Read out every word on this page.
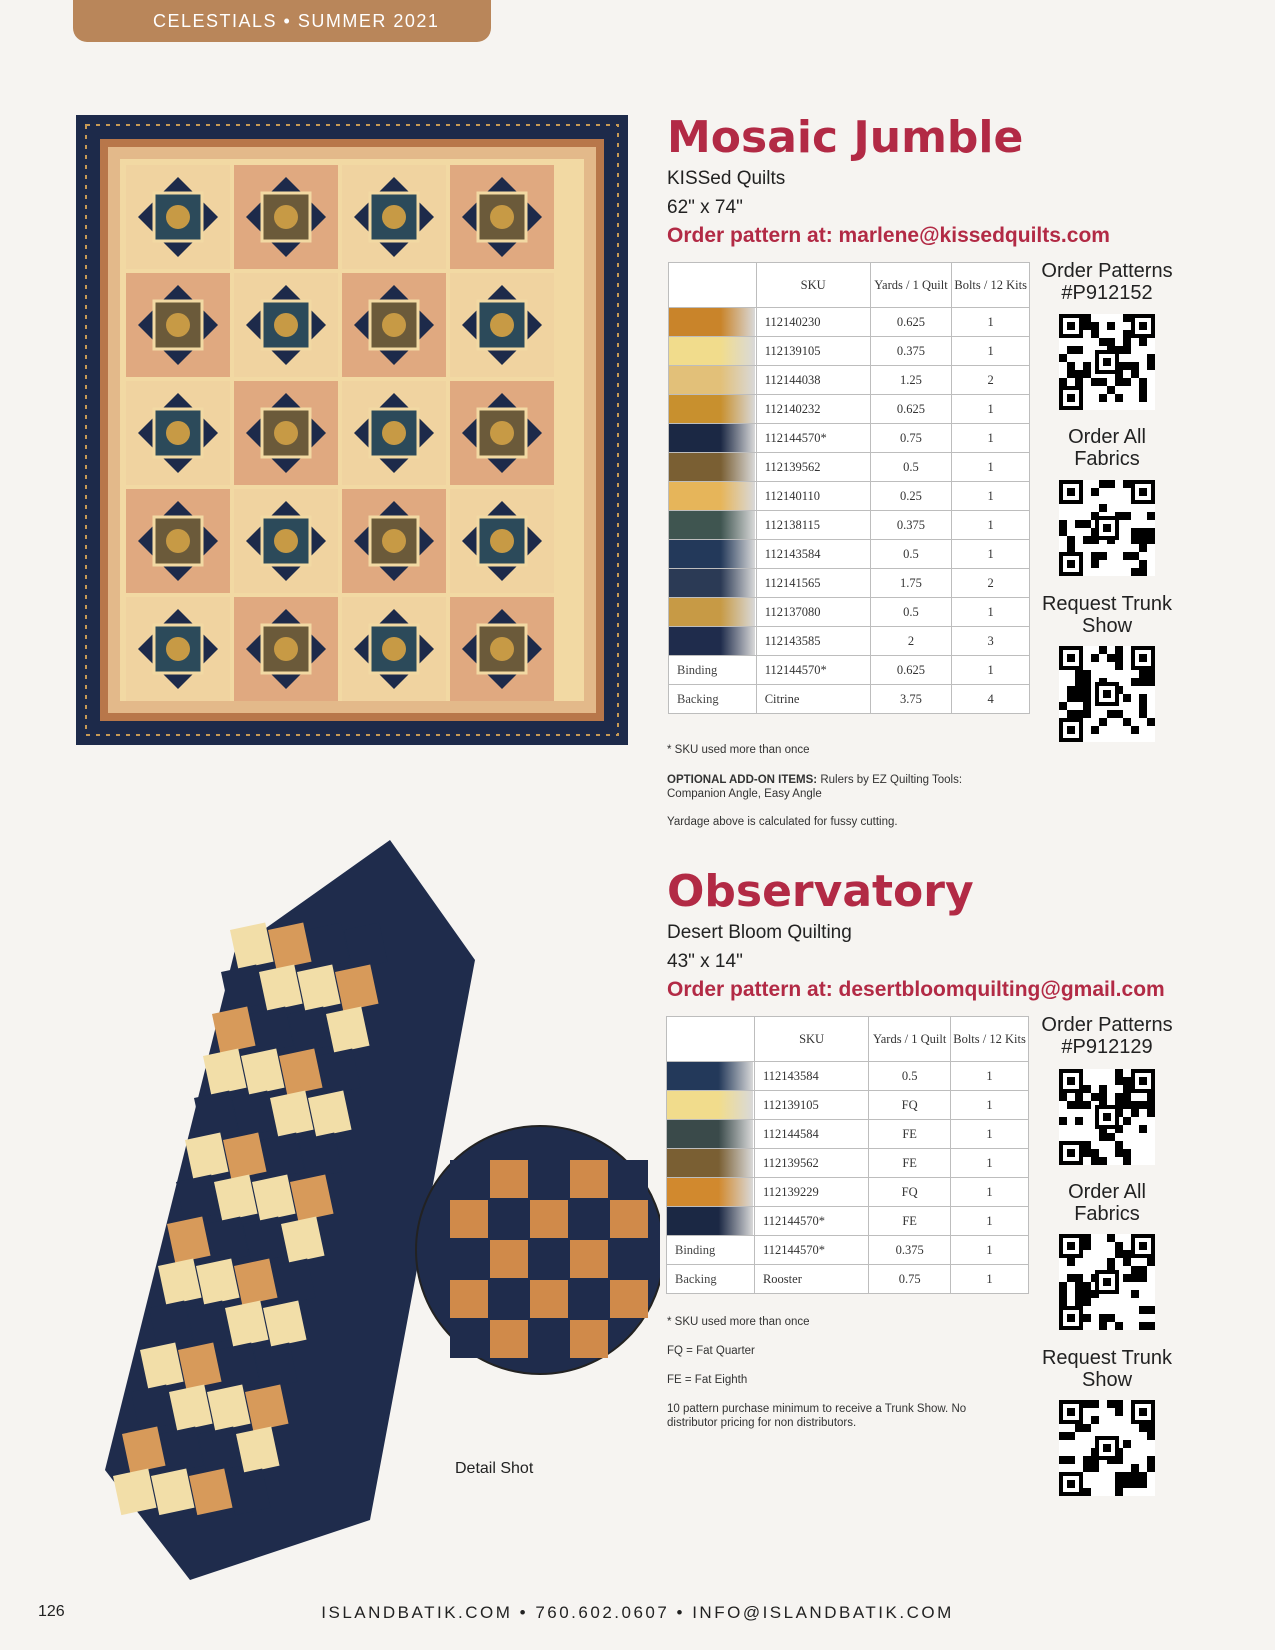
CELESTIALS • SUMMER 2021
Detail Shot
Mosaic Jumble
KISSed Quilts
62" x 74"
Order pattern at: marlene@kissedquilts.com
	SKU	Yards / 1 Quilt	Bolts / 12 Kits

	112140230	0.625	1

	112139105	0.375	1

	112144038	1.25	2

	112140232	0.625	1

	112144570*	0.75	1

	112139562	0.5	1

	112140110	0.25	1

	112138115	0.375	1

	112143584	0.5	1

	112141565	1.75	2

	112137080	0.5	1

	112143585	2	3
Binding	112144570*	0.625	1
Backing	Citrine	3.75	4
* SKU used more than once
OPTIONAL ADD-ON ITEMS: Rulers by EZ Quilting Tools: Companion Angle, Easy Angle
Yardage above is calculated for fussy cutting.
Order Patterns
#P912152
Order All
Fabrics
Request Trunk
Show
Observatory
Desert Bloom Quilting
43" x 14"
Order pattern at: desertbloomquilting@gmail.com
	SKU	Yards / 1 Quilt	Bolts / 12 Kits

	112143584	0.5	1

	112139105	FQ	1

	112144584	FE	1

	112139562	FE	1

	112139229	FQ	1

	112144570*	FE	1
Binding	112144570*	0.375	1
Backing	Rooster	0.75	1
* SKU used more than once
FQ = Fat Quarter
FE = Fat Eighth
10 pattern purchase minimum to receive a Trunk Show. No distributor pricing for non distributors.
Order Patterns
#P912129
Order All
Fabrics
Request Trunk
Show
126	ISLANDBATIK.COM • 760.602.0607 • INFO@ISLANDBATIK.COM
